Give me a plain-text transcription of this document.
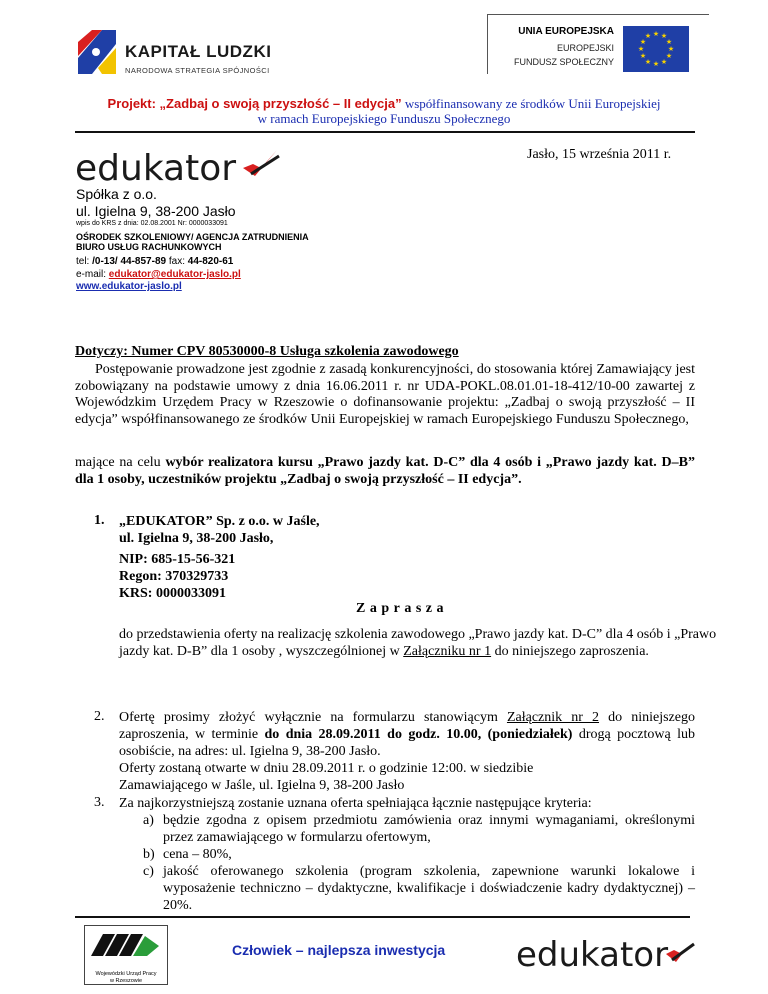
KAPITAŁ LUDZKI
NARODOWA STRATEGIA SPÓJNOŚCI
UNIA EUROPEJSKA
EUROPEJSKI
FUNDUSZ SPOŁECZNY
★ ★
★
★
★
★
★
★
★
★
★
★
Projekt: „Zadbaj o swoją przyszłość – II edycja” współfinansowany ze środków Unii Europejskiej
w ramach Europejskiego Funduszu Społecznego
edukator	Jasło, 15 września 2011 r.
Spółka z o.o.
ul. Igielna 9, 38-200 Jasło
wpis do KRS z dnia: 02.08.2001 Nr: 0000033091
OŚRODEK SZKOLENIOWY/ AGENCJA ZATRUDNIENIA
BIURO USŁUG RACHUNKOWYCH
tel: /0-13/ 44-857-89 fax: 44-820-61
e-mail: edukator@edukator-jaslo.pl
www.edukator-jaslo.pl
Dotyczy: Numer CPV 80530000-8 Usługa szkolenia zawodowego
Postępowanie prowadzone jest zgodnie z zasadą konkurencyjności, do stosowania której Zamawiający jest zobowiązany na podstawie umowy z dnia 16.06.2011 r. nr UDA-POKL.08.01.01-18-412/10-00 zawartej z Wojewódzkim Urzędem Pracy w Rzeszowie o dofinansowanie projektu: „Zadbaj o swoją przyszłość – II edycja” współfinansowanego ze środków Unii Europejskiej w ramach Europejskiego Funduszu Społecznego,
mające na celu wybór realizatora kursu „Prawo jazdy kat. D-C” dla 4 osób i „Prawo jazdy kat. D–B” dla 1 osoby, uczestników projektu „Zadbaj o swoją przyszłość – II edycja”.
1. „EDUKATOR” Sp. z o.o. w Jaśle,
ul. Igielna 9, 38-200 Jasło,
NIP: 685-15-56-321
Regon: 370329733
KRS: 0000033091
Zaprasza
do przedstawienia oferty na realizację szkolenia zawodowego „Prawo jazdy kat. D-C” dla 4 osób i „Prawo jazdy kat. D-B” dla 1 osoby , wyszczególnionej w Załączniku nr 1 do niniejszego zaproszenia.
2. Ofertę prosimy złożyć wyłącznie na formularzu stanowiącym Załącznik nr 2 do niniejszego zaproszenia, w terminie do dnia 28.09.2011 do godz. 10.00, (poniedziałek) drogą pocztową lub osobiście, na adres: ul. Igielna 9, 38-200 Jasło.
Oferty zostaną otwarte w dniu 28.09.2011 r. o godzinie 12:00. w siedzibie
Zamawiającego w Jaśle, ul. Igielna 9, 38-200 Jasło
3. Za najkorzystniejszą zostanie uznana oferta spełniająca łącznie następujące kryteria:
a) będzie zgodna z opisem przedmiotu zamówienia oraz innymi wymaganiami, określonymi przez zamawiającego w formularzu ofertowym,
b) cena – 80%,
c) jakość oferowanego szkolenia (program szkolenia, zapewnione warunki lokalowe i wyposażenie techniczno – dydaktyczne, kwalifikacje i doświadczenie kadry dydaktycznej) – 20%.
Wojewódzki Urząd Pracy
w Rzeszowie
Człowiek – najlepsza inwestycja edukator
